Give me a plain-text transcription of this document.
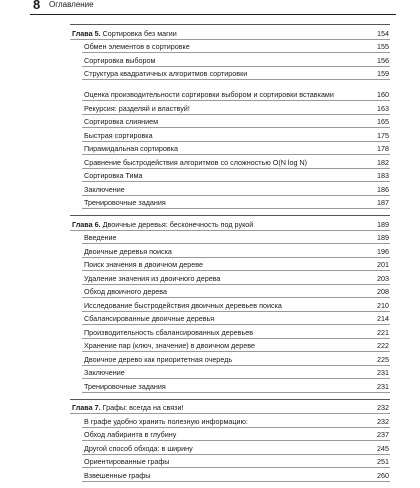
8 Оглавление
Глава 5. Сортировка без магии	154
Обмен элементов в сортировке	155
Сортировка выбором	156
Структура квадратичных алгоритмов сортировки	159
Оценка производительности сортировки выбором и сортировки вставками	160
Рекурсия: разделяй и властвуй!	163
Сортировка слиянием	165
Быстрая сортировка	175
Пирамидальная сортировка	178
Сравнение быстродействия алгоритмов со сложностью O(N log N)	182
Сортировка Тима	183
Заключение	186
Тренировочные задания	187
Глава 6. Двоичные деревья: бесконечность под рукой	189
Введение	189
Двоичные деревья поиска	196
Поиск значения в двоичном дереве	201
Удаление значения из двоичного дерева	203
Обход двоичного дерева	208
Исследование быстродействия двоичных деревьев поиска	210
Сбалансированные двоичные деревья	214
Производительность сбалансированных деревьев	221
Хранение пар (ключ, значение) в двоичном дереве	222
Двоичное дерево как приоритетная очередь	225
Заключение	231
Тренировочные задания	231
Глава 7. Графы: всегда на связи!	232
В графе удобно хранить полезную информацию:	232
Обход лабиринта в глубину	237
Другой способ обхода: в ширину	245
Ориентированные графы	251
Взвешенные графы	260
